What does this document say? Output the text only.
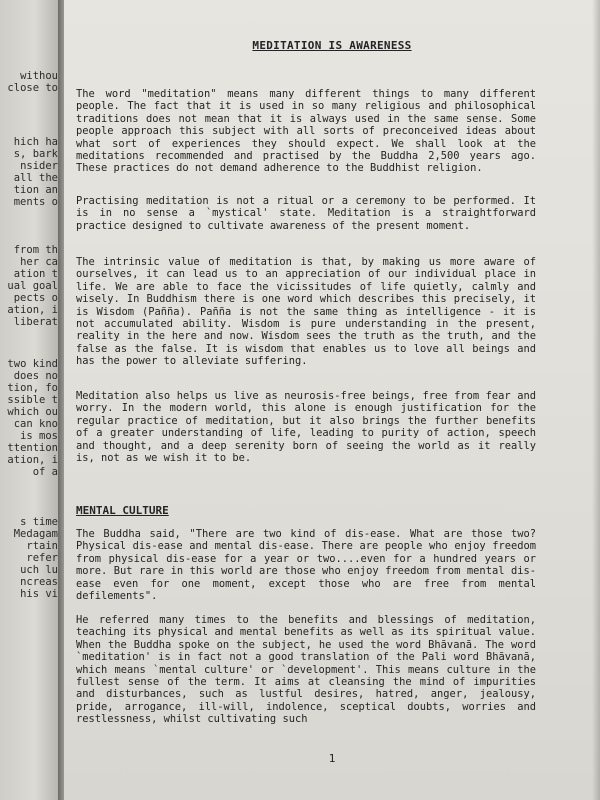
withou
close to
hich ha
s, bark
nsider
all the
tion an
ments o
from th
her ca
ation t
ual goal
pects o
ation, i
liberat
two kind
does no
tion, fo
ssible t
which ou
can kno
is mos
ttention
ation, i
of a
s time
Medagam
rtain
refer
uch lu
ncreas
his vi
MEDITATION IS AWARENESS

The word "meditation" means many different things to many different people. The fact that it is used in so many religious and philosophical traditions does not mean that it is always used in the same sense. Some people approach this subject with all sorts of preconceived ideas about what sort of experiences they should expect. We shall look at the meditations recommended and practised by the Buddha 2,500 years ago. These practices do not demand adherence to the Buddhist religion.

Practising meditation is not a ritual or a ceremony to be performed. It is in no sense a `mystical' state. Meditation is a straightforward practice designed to cultivate awareness of the present moment.

The intrinsic value of meditation is that, by making us more aware of ourselves, it can lead us to an appreciation of our individual place in life. We are able to face the vicissitudes of life quietly, calmly and wisely. In Buddhism there is one word which describes this precisely, it is Wisdom (Pañña). Pañña is not the same thing as intelligence - it is not accumulated ability. Wisdom is pure understanding in the present, reality in the here and now. Wisdom sees the truth as the truth, and the false as the false. It is wisdom that enables us to love all beings and has the power to alleviate suffering.

Meditation also helps us live as neurosis-free beings, free from fear and worry. In the modern world, this alone is enough justification for the regular practice of meditation, but it also brings the further benefits of a greater understanding of life, leading to purity of action, speech and thought, and a deep serenity born of seeing the world as it really is, not as we wish it to be.

MENTAL CULTURE

The Buddha said, "There are two kind of dis-ease. What are those two? Physical dis-ease and mental dis-ease. There are people who enjoy freedom from physical dis-ease for a year or two....even for a hundred years or more. But rare in this world are those who enjoy freedom from mental dis-ease even for one moment, except those who are free from mental defilements".

He referred many times to the benefits and blessings of meditation, teaching its physical and mental benefits as well as its spiritual value. When the Buddha spoke on the subject, he used the word Bhāvanā. The word `meditation' is in fact not a good translation of the Pali word Bhāvanā, which means `mental culture' or `development'. This means culture in the fullest sense of the term. It aims at cleansing the mind of impurities and disturbances, such as lustful desires, hatred, anger, jealousy, pride, arrogance, ill-will, indolence, sceptical doubts, worries and restlessness, whilst cultivating such

1
